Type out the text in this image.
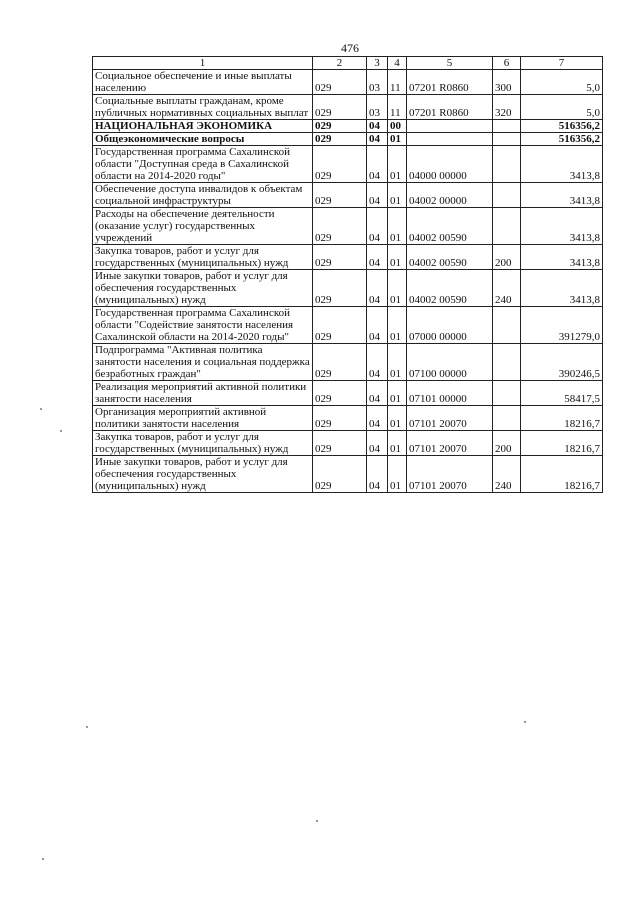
476
1	2	3	4	5	6	7
Социальное обеспечение и иные выплаты населению	029	03	11	07201 R0860	300	5,0
Социальные выплаты гражданам, кроме публичных нормативных социальных выплат	029	03	11	07201 R0860	320	5,0
НАЦИОНАЛЬНАЯ ЭКОНОМИКА	029	04	00			516356,2
Общеэкономические вопросы	029	04	01			516356,2
Государственная программа Сахалинской области "Доступная среда в Сахалинской области на 2014-2020 годы"	029	04	01	04000 00000		3413,8
Обеспечение доступа инвалидов к объектам социальной инфраструктуры	029	04	01	04002 00000		3413,8
Расходы на обеспечение деятельности (оказание услуг) государственных учреждений	029	04	01	04002 00590		3413,8
Закупка товаров, работ и услуг для государственных (муниципальных) нужд	029	04	01	04002 00590	200	3413,8
Иные закупки товаров, работ и услуг для обеспечения государственных (муниципальных) нужд	029	04	01	04002 00590	240	3413,8
Государственная программа Сахалинской области "Содействие занятости населения Сахалинской области на 2014-2020 годы"	029	04	01	07000 00000		391279,0
Подпрограмма "Активная политика занятости населения и социальная поддержка безработных граждан"	029	04	01	07100 00000		390246,5
Реализация мероприятий активной политики занятости населения	029	04	01	07101 00000		58417,5
Организация мероприятий активной политики занятости населения	029	04	01	07101 20070		18216,7
Закупка товаров, работ и услуг для государственных (муниципальных) нужд	029	04	01	07101 20070	200	18216,7
Иные закупки товаров, работ и услуг для обеспечения государственных (муниципальных) нужд	029	04	01	07101 20070	240	18216,7
